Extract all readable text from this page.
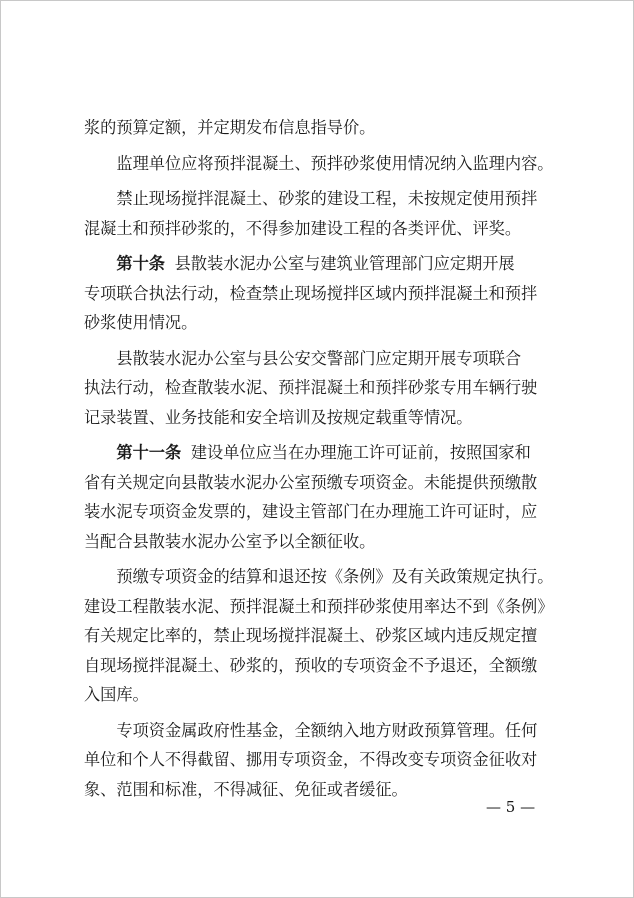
浆的预算定额，并定期发布信息指导价。
监理单位应将预拌混凝土、预拌砂浆使用情况纳入监理内容。
禁止现场搅拌混凝土、砂浆的建设工程，未按规定使用预拌
混凝土和预拌砂浆的，不得参加建设工程的各类评优、评奖。
第十条 县散装水泥办公室与建筑业管理部门应定期开展
专项联合执法行动，检查禁止现场搅拌区域内预拌混凝土和预拌
砂浆使用情况。
县散装水泥办公室与县公安交警部门应定期开展专项联合
执法行动，检查散装水泥、预拌混凝土和预拌砂浆专用车辆行驶
记录装置、业务技能和安全培训及按规定载重等情况。
第十一条 建设单位应当在办理施工许可证前，按照国家和
省有关规定向县散装水泥办公室预缴专项资金。未能提供预缴散
装水泥专项资金发票的，建设主管部门在办理施工许可证时，应
当配合县散装水泥办公室予以全额征收。
预缴专项资金的结算和退还按《条例》及有关政策规定执行。
建设工程散装水泥、预拌混凝土和预拌砂浆使用率达不到《条例》
有关规定比率的，禁止现场搅拌混凝土、砂浆区域内违反规定擅
自现场搅拌混凝土、砂浆的，预收的专项资金不予退还，全额缴
入国库。
专项资金属政府性基金，全额纳入地方财政预算管理。任何
单位和个人不得截留、挪用专项资金，不得改变专项资金征收对
象、范围和标准，不得减征、免征或者缓征。
— 5 —
